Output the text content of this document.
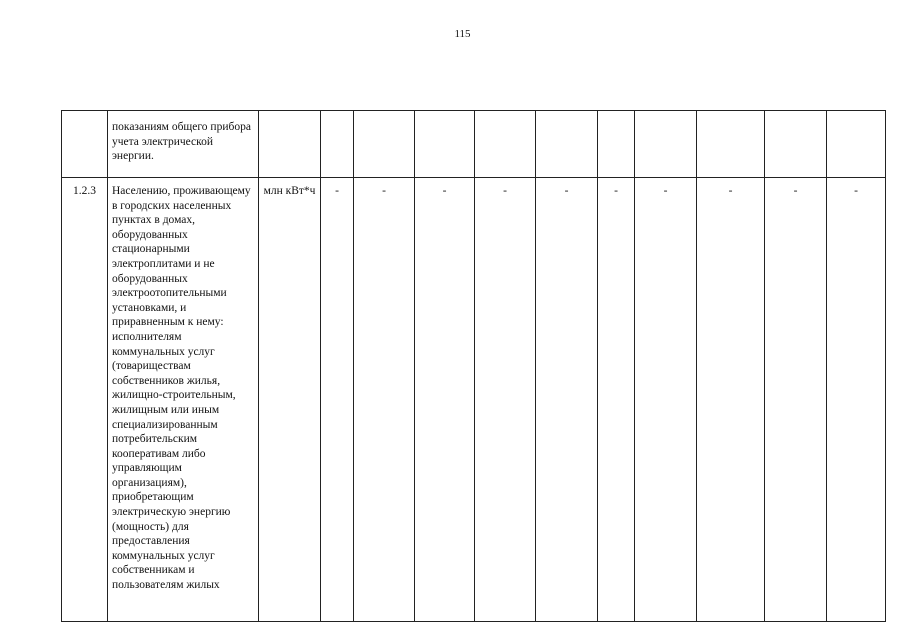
115
	показаниям общего прибора учета электрической энергии.											
1.2.3	Населению, проживающему в городских населенных пунктах в домах, оборудованных стационарными электроплитами и не оборудованных электроотопительными установками, и приравненным к нему: исполнителям коммунальных услуг (товариществам собственников жилья, жилищно-строительным, жилищным или иным специализированным потребительским кооперативам либо управляющим организациям), приобретающим электрическую энергию (мощность) для предоставления коммунальных услуг собственникам и пользователям жилых	млн кВт*ч	-	-	-	-	-	-	-	-	-	-
